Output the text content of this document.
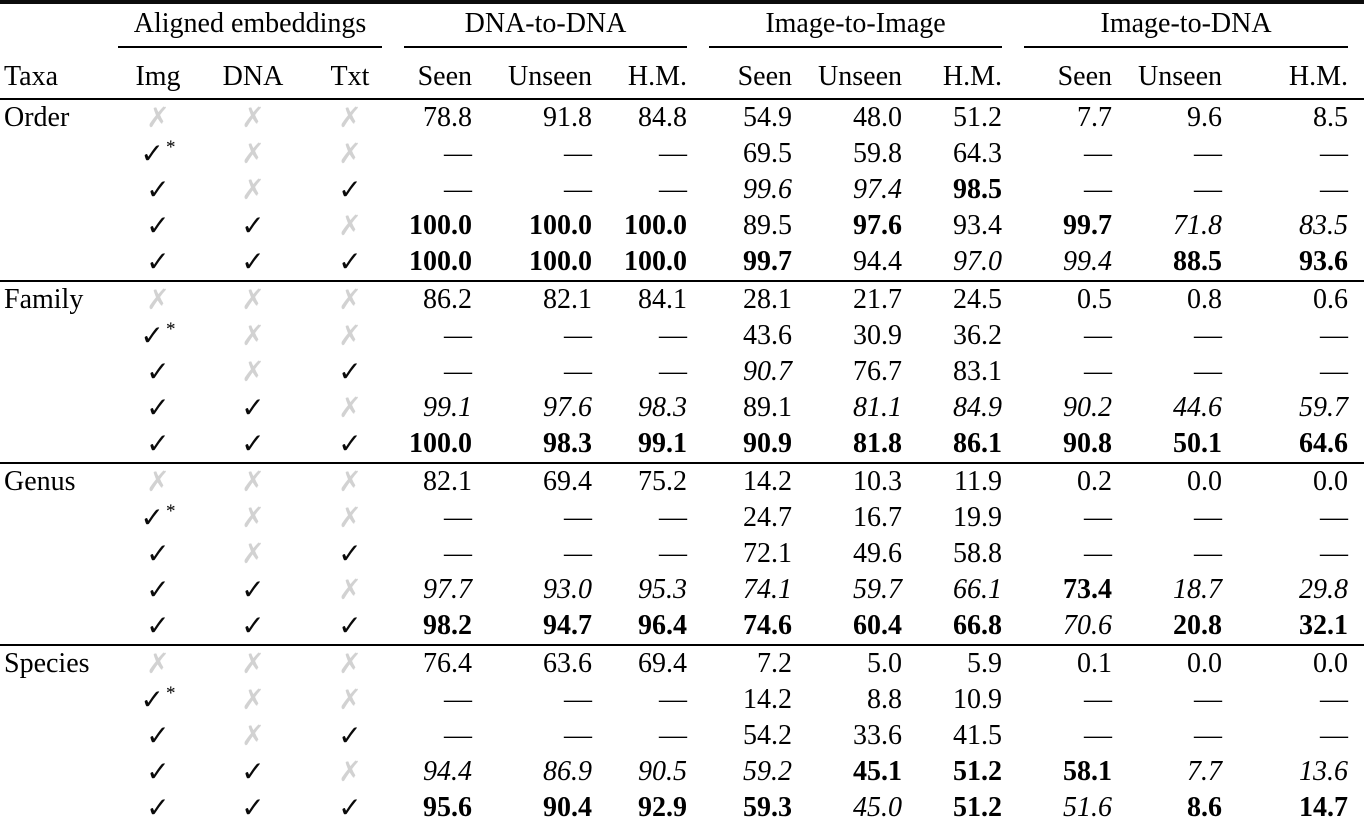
	Aligned embeddings			DNA-to-DNA			Image-to-Image			Image-to-DNA		

Taxa	Img	DNA	Txt	Seen	Unseen	H.M.	Seen	Unseen	H.M.	Seen	Unseen	H.M.
Order	✗	✗	✗	78.8	91.8	84.8	54.9	48.0	51.2	7.7	9.6	8.5
	✓ *	✗	✗	—	—	—	69.5	59.8	64.3	—	—	—
	✓	✗	✓	—	—	—	99.6	97.4	98.5	—	—	—
	✓	✓	✗	100.0	100.0	100.0	89.5	97.6	93.4	99.7	71.8	83.5
	✓	✓	✓	100.0	100.0	100.0	99.7	94.4	97.0	99.4	88.5	93.6
Family	✗	✗	✗	86.2	82.1	84.1	28.1	21.7	24.5	0.5	0.8	0.6
	✓ *	✗	✗	—	—	—	43.6	30.9	36.2	—	—	—
	✓	✗	✓	—	—	—	90.7	76.7	83.1	—	—	—
	✓	✓	✗	99.1	97.6	98.3	89.1	81.1	84.9	90.2	44.6	59.7
	✓	✓	✓	100.0	98.3	99.1	90.9	81.8	86.1	90.8	50.1	64.6
Genus	✗	✗	✗	82.1	69.4	75.2	14.2	10.3	11.9	0.2	0.0	0.0
	✓ *	✗	✗	—	—	—	24.7	16.7	19.9	—	—	—
	✓	✗	✓	—	—	—	72.1	49.6	58.8	—	—	—
	✓	✓	✗	97.7	93.0	95.3	74.1	59.7	66.1	73.4	18.7	29.8
	✓	✓	✓	98.2	94.7	96.4	74.6	60.4	66.8	70.6	20.8	32.1
Species	✗	✗	✗	76.4	63.6	69.4	7.2	5.0	5.9	0.1	0.0	0.0
	✓ *	✗	✗	—	—	—	14.2	8.8	10.9	—	—	—
	✓	✗	✓	—	—	—	54.2	33.6	41.5	—	—	—
	✓	✓	✗	94.4	86.9	90.5	59.2	45.1	51.2	58.1	7.7	13.6
	✓	✓	✓	95.6	90.4	92.9	59.3	45.0	51.2	51.6	8.6	14.7
